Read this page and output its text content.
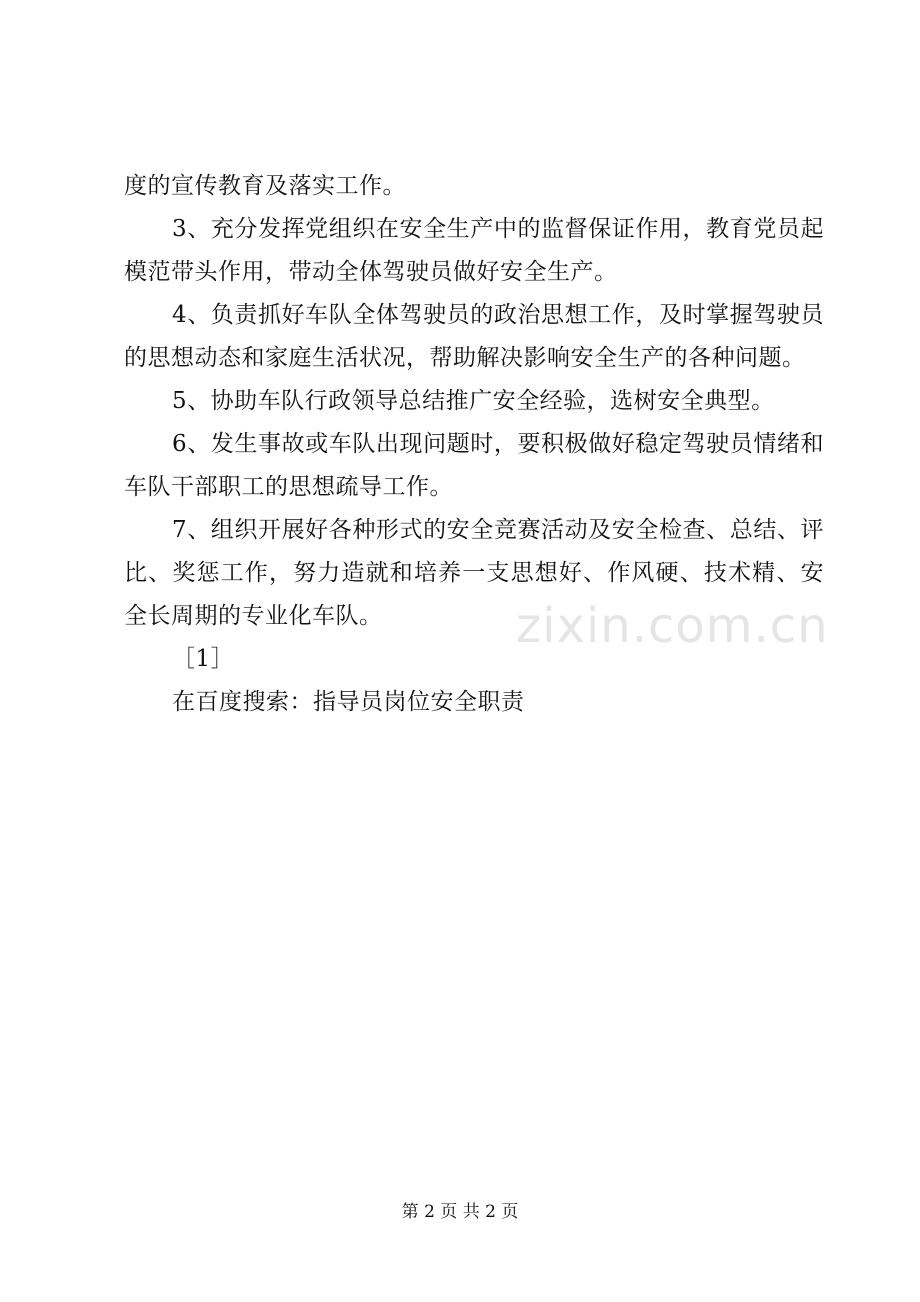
度的宣传教育及落实工作。

3、充分发挥党组织在安全生产中的监督保证作用，教育党员起模范带头作用，带动全体驾驶员做好安全生产。

4、负责抓好车队全体驾驶员的政治思想工作，及时掌握驾驶员的思想动态和家庭生活状况，帮助解决影响安全生产的各种问题。

5、协助车队行政领导总结推广安全经验，选树安全典型。

6、发生事故或车队出现问题时，要积极做好稳定驾驶员情绪和车队干部职工的思想疏导工作。

7、组织开展好各种形式的安全竞赛活动及安全检查、总结、评比、奖惩工作，努力造就和培养一支思想好、作风硬、技术精、安全长周期的专业化车队。

［1］

在百度搜索：指导员岗位安全职责

zixin.com.cn
第 2 页 共 2 页
